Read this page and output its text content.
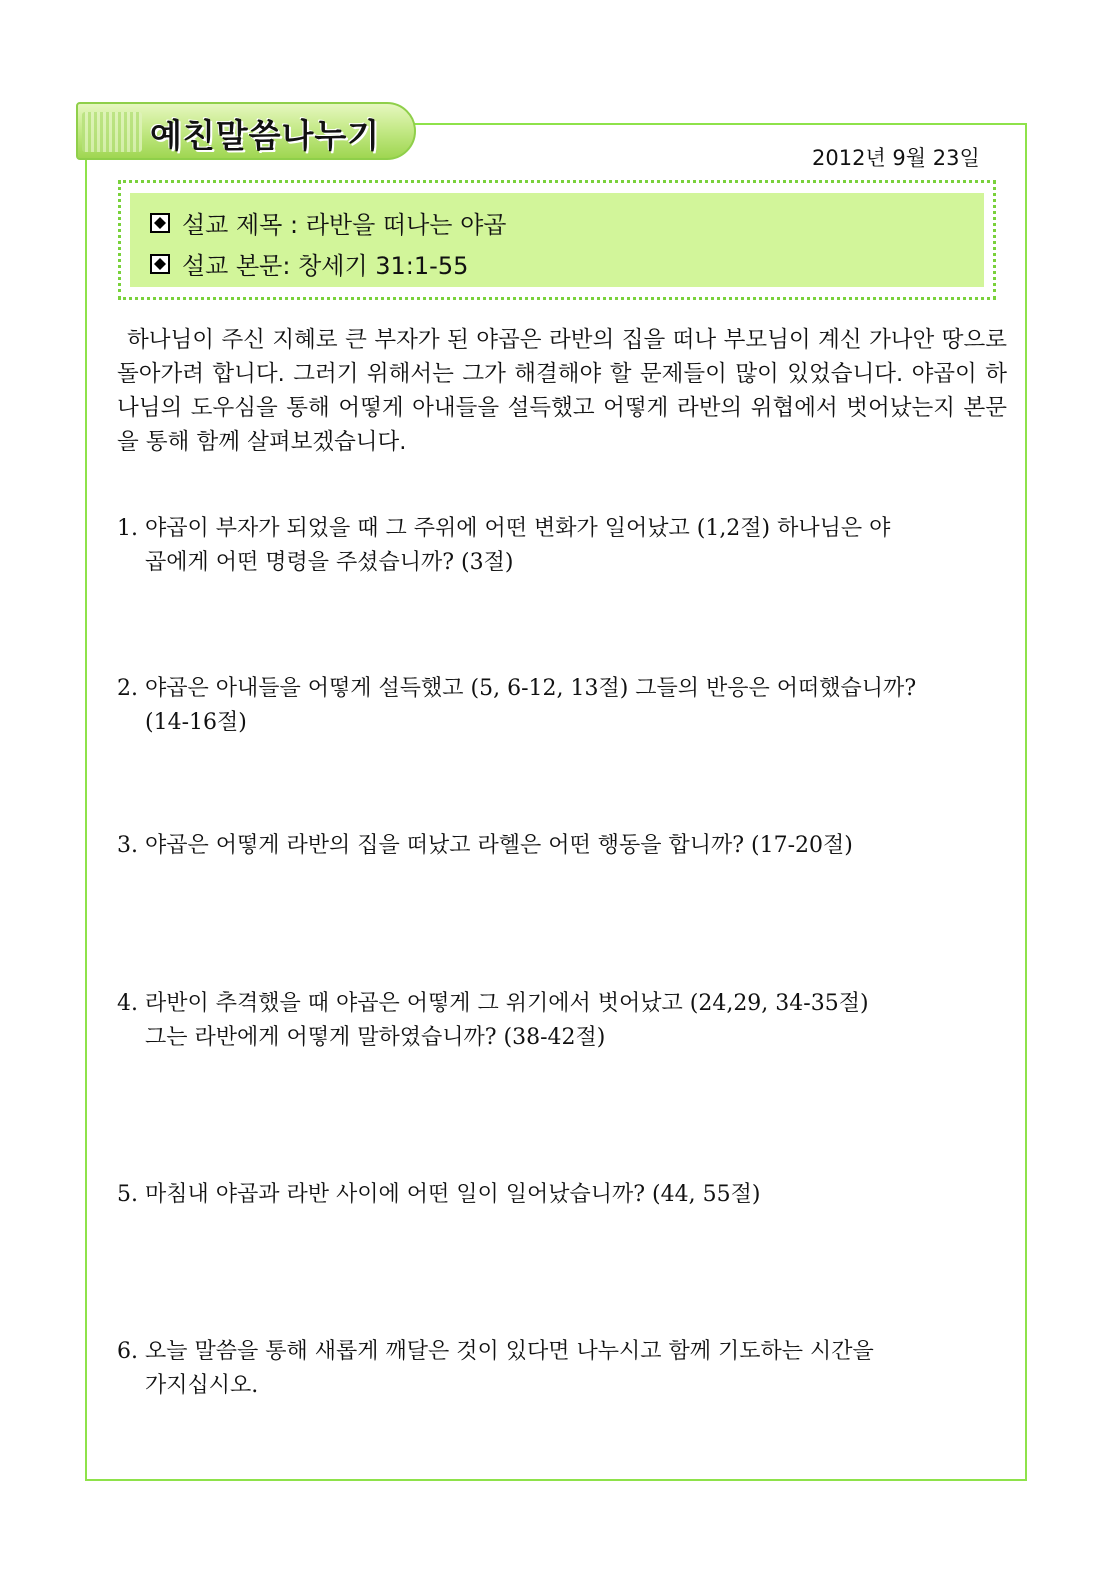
예친말씀나누기
2012년 9월 23일
설교 제목 : 라반을 떠나는 야곱
설교 본문: 창세기 31:1-55
하나님이 주신 지혜로 큰 부자가 된 야곱은 라반의 집을 떠나 부모님이 계신 가나안 땅으로 돌아가려 합니다. 그러기 위해서는 그가 해결해야 할 문제들이 많이 있었습니다. 야곱이 하나님의 도우심을 통해 어떻게 아내들을 설득했고 어떻게 라반의 위협에서 벗어났는지 본문을 통해 함께 살펴보겠습니다.
1. 야곱이 부자가 되었을 때 그 주위에 어떤 변화가 일어났고 (1,2절) 하나님은 야
곱에게 어떤 명령을 주셨습니까? (3절)
2. 야곱은 아내들을 어떻게 설득했고 (5, 6-12, 13절) 그들의 반응은 어떠했습니까?
(14-16절)
3. 야곱은 어떻게 라반의 집을 떠났고 라헬은 어떤 행동을 합니까? (17-20절)
4. 라반이 추격했을 때 야곱은 어떻게 그 위기에서 벗어났고 (24,29, 34-35절)
그는 라반에게 어떻게 말하였습니까? (38-42절)
5. 마침내 야곱과 라반 사이에 어떤 일이 일어났습니까? (44, 55절)
6. 오늘 말씀을 통해 새롭게 깨달은 것이 있다면 나누시고 함께 기도하는 시간을
가지십시오.
